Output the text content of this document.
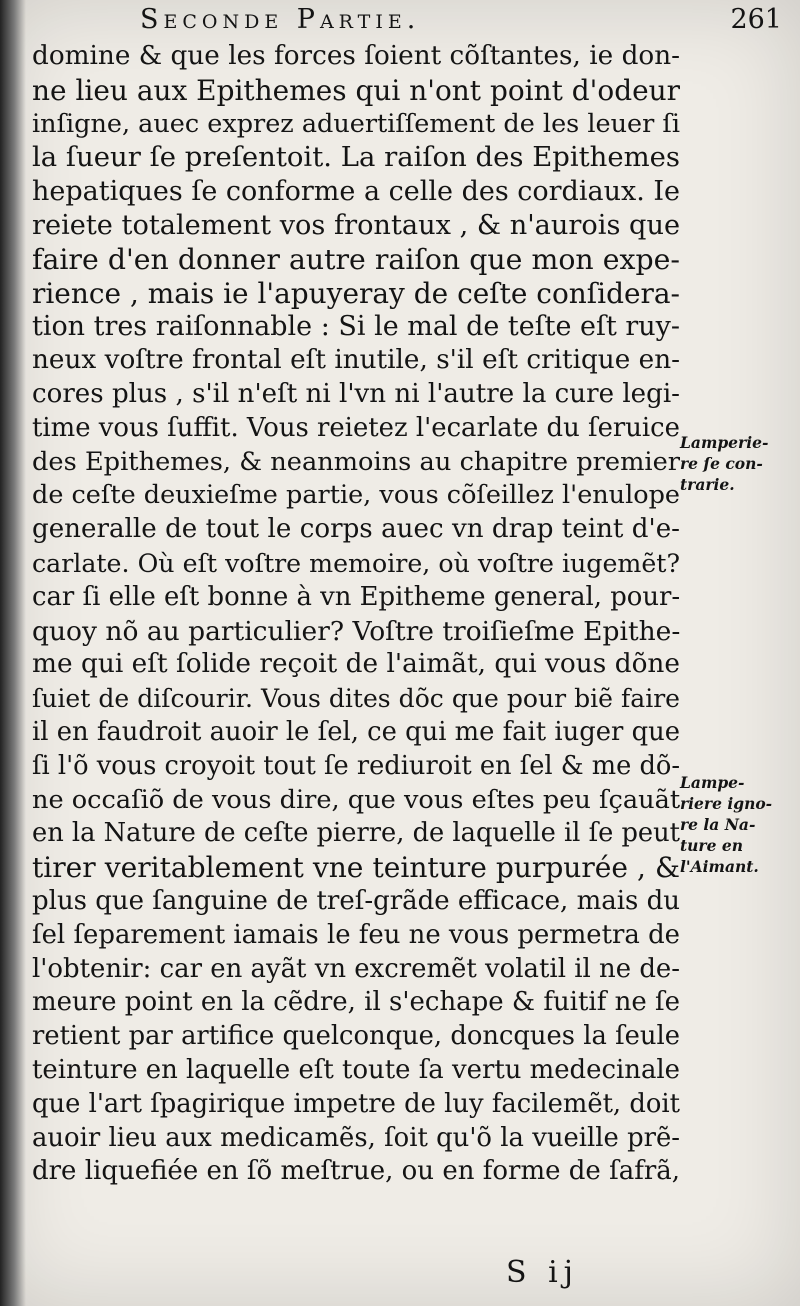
Seconde Partie.	261
domine & que les forces ſoient cõſtantes, ie don-
ne lieu aux Epithemes qui n'ont point d'odeur
inſigne, auec exprez aduertiſſement de les leuer ſi
la ſueur ſe preſentoit. La raiſon des Epithemes
hepatiques ſe conforme a celle des cordiaux. Ie
reiete totalement vos frontaux , & n'aurois que
faire d'en donner autre raiſon que mon expe-
rience , mais ie l'apuyeray de ceſte conſidera-
tion tres raiſonnable : Si le mal de teſte eſt ruy-
neux voſtre frontal eſt inutile, s'il eſt critique en-
cores plus , s'il n'eſt ni l'vn ni l'autre la cure legi-
time vous ſuffit. Vous reietez l'ecarlate du ſeruice
des Epithemes, & neanmoins au chapitre premier
de ceſte deuxieſme partie, vous cõſeillez l'enulope
generalle de tout le corps auec vn drap teint d'e-
carlate. Où eſt voſtre memoire, où voſtre iugemẽt?
car ſi elle eſt bonne à vn Epitheme general, pour-
quoy nõ au particulier? Voſtre troiſieſme Epithe-
me qui eſt ſolide reçoit de l'aimãt, qui vous dõne
ſuiet de diſcourir. Vous dites dõc que pour biẽ faire
il en faudroit auoir le ſel, ce qui me fait iuger que
ſi l'õ vous croyoit tout ſe rediuroit en ſel & me dõ-
ne occaſiõ de vous dire, que vous eſtes peu ſçauãt
en la Nature de ceſte pierre, de laquelle il ſe peut
tirer veritablement vne teinture purpurée , &
plus que ſanguine de treſ-grãde efficace, mais du
ſel ſeparement iamais le feu ne vous permetra de
l'obtenir: car en ayãt vn excremẽt volatil il ne de-
meure point en la cẽdre, il s'echape & fuitif ne ſe
retient par artifice quelconque, doncques la ſeule
teinture en laquelle eſt toute ſa vertu medecinale
que l'art ſpagirique impetre de luy facilemẽt, doit
auoir lieu aux medicamẽs, ſoit qu'õ la vueille prẽ-
dre liquefiée en ſõ meſtrue, ou en forme de ſafrã,
Lamperie-
re ſe con-
trarie.
Lampe-
riere igno-
re la Na-
ture en
l'Aimant.
S ij
